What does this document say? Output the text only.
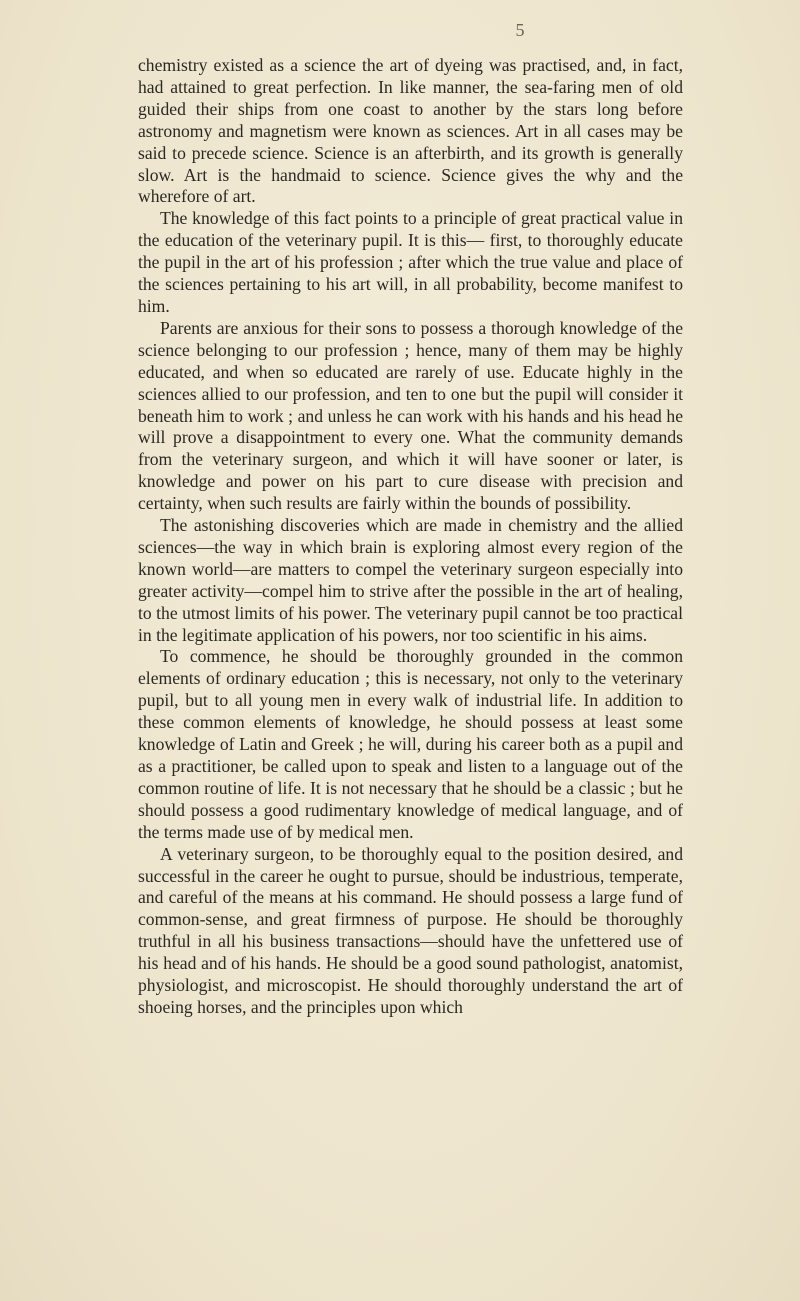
5

chemistry existed as a science the art of dyeing was practised, and, in fact, had attained to great perfection. In like manner, the sea-faring men of old guided their ships from one coast to another by the stars long before astronomy and magnetism were known as sciences. Art in all cases may be said to precede science. Science is an afterbirth, and its growth is generally slow. Art is the handmaid to science. Science gives the why and the wherefore of art.

The knowledge of this fact points to a principle of great practical value in the education of the veterinary pupil. It is this— first, to thoroughly educate the pupil in the art of his profession ; after which the true value and place of the sciences pertaining to his art will, in all probability, become manifest to him.

Parents are anxious for their sons to possess a thorough knowledge of the science belonging to our profession ; hence, many of them may be highly educated, and when so educated are rarely of use. Educate highly in the sciences allied to our profession, and ten to one but the pupil will consider it beneath him to work ; and unless he can work with his hands and his head he will prove a disappointment to every one. What the community demands from the veterinary surgeon, and which it will have sooner or later, is knowledge and power on his part to cure disease with precision and certainty, when such results are fairly within the bounds of possibility.

The astonishing discoveries which are made in chemistry and the allied sciences—the way in which brain is exploring almost every region of the known world—are matters to compel the veterinary surgeon especially into greater activity—compel him to strive after the possible in the art of healing, to the utmost limits of his power. The veterinary pupil cannot be too practical in the legitimate application of his powers, nor too scientific in his aims.

To commence, he should be thoroughly grounded in the common elements of ordinary education ; this is necessary, not only to the veterinary pupil, but to all young men in every walk of industrial life. In addition to these common elements of knowledge, he should possess at least some knowledge of Latin and Greek ; he will, during his career both as a pupil and as a practitioner, be called upon to speak and listen to a language out of the common routine of life. It is not necessary that he should be a classic ; but he should possess a good rudimentary knowledge of medical language, and of the terms made use of by medical men.

A veterinary surgeon, to be thoroughly equal to the position desired, and successful in the career he ought to pursue, should be industrious, temperate, and careful of the means at his command. He should possess a large fund of common-sense, and great firmness of purpose. He should be thoroughly truthful in all his business transactions—should have the unfettered use of his head and of his hands. He should be a good sound pathologist, anatomist, physiologist, and microscopist. He should thoroughly understand the art of shoeing horses, and the principles upon which
